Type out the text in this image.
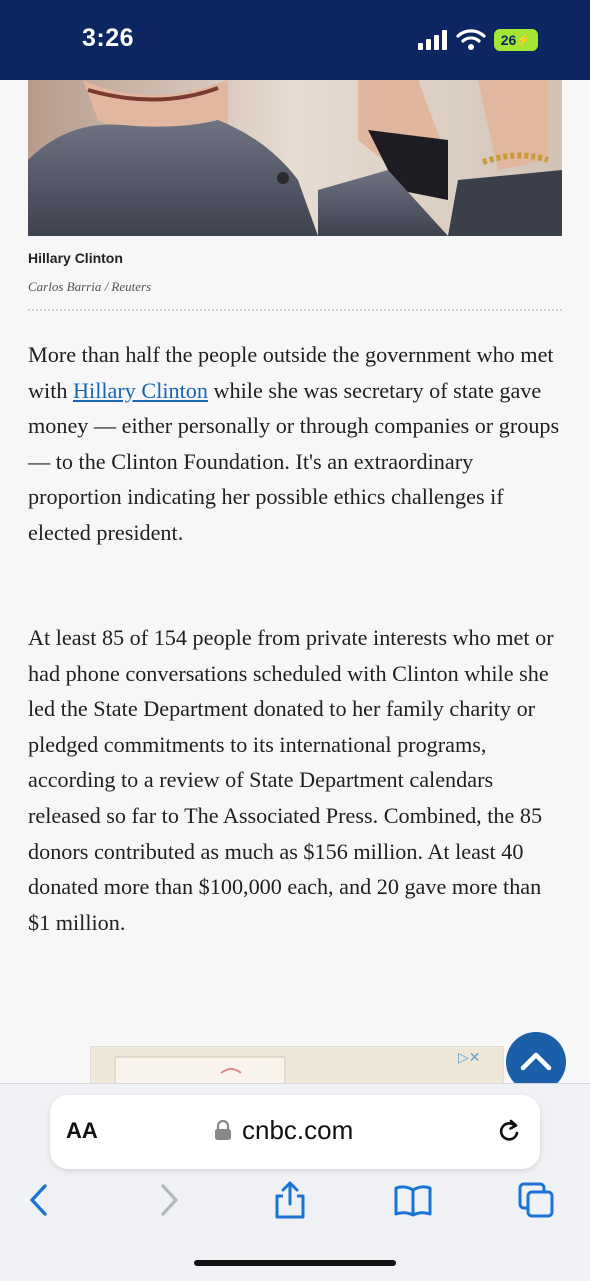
3:26	26 ⚡
Hillary Clinton
Carlos Barria / Reuters
More than half the people outside the government who met with Hillary Clinton while she was secretary of state gave money — either personally or through companies or groups — to the Clinton Foundation. It's an extraordinary proportion indicating her possible ethics challenges if elected president.
At least 85 of 154 people from private interests who met or had phone conversations scheduled with Clinton while she led the State Department donated to her family charity or pledged commitments to its international programs, according to a review of State Department calendars released so far to The Associated Press. Combined, the 85 donors contributed as much as $156 million. At least 40 donated more than $100,000 each, and 20 gave more than $1 million.
▷✕
AA	cnbc.com
